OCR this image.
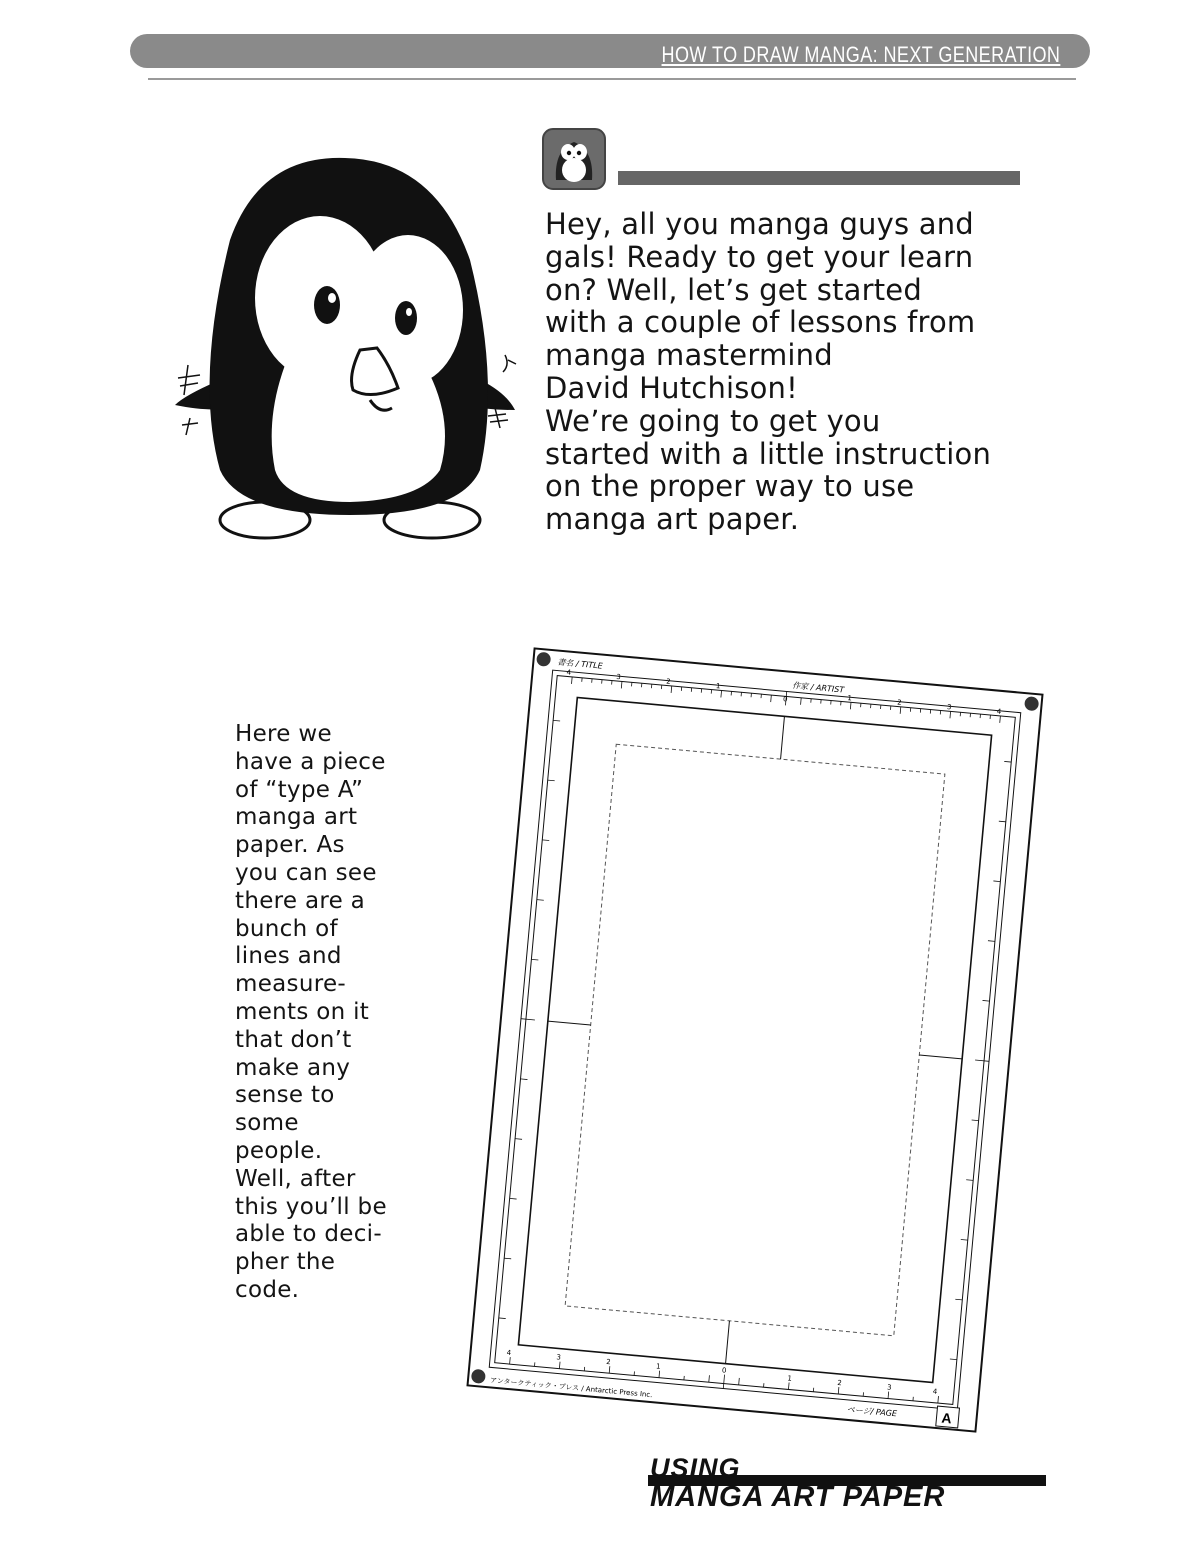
HOW TO DRAW MANGA: NEXT GENERATION
Hey, all you manga guys and
gals! Ready to get your learn
on? Well, let’s get started
with a couple of lessons from
manga mastermind
David Hutchison!
We’re going to get you
started with a little instruction
on the proper way to use
manga art paper.
Here we
have a piece
of “type A”
manga art
paper. As
you can see
there are a
bunch of
lines and
measure-
ments on it
that don’t
make any
sense to
some
people.
Well, after
this you’ll be
able to deci-
pher the
code.
書名 / TITLE
作家 / ARTIST
アンタークティック・プレス / Antarctic Press Inc.
ページ/ PAGE	A
4
3
2
1
0	1
2
3
4
4
3
2
1	0
1
2
3	4
USING
MANGA ART PAPER
